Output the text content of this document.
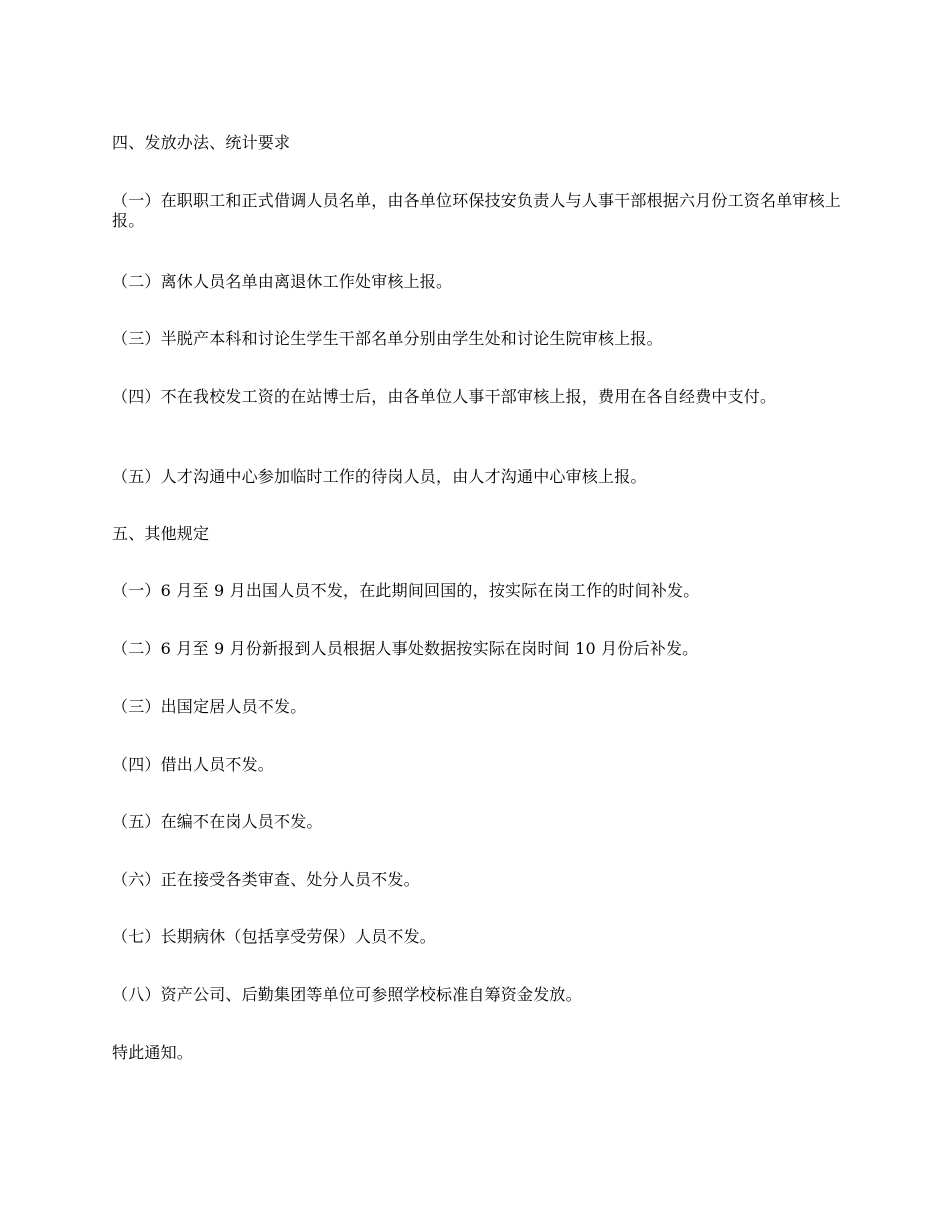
四、发放办法、统计要求

（一）在职职工和正式借调人员名单，由各单位环保技安负责人与人事干部根据六月份工资名单审核上报。

（二）离休人员名单由离退休工作处审核上报。

（三）半脱产本科和讨论生学生干部名单分别由学生处和讨论生院审核上报。

（四）不在我校发工资的在站博士后，由各单位人事干部审核上报，费用在各自经费中支付。

（五）人才沟通中心参加临时工作的待岗人员，由人才沟通中心审核上报。

五、其他规定

（一）6 月至 9 月出国人员不发，在此期间回国的，按实际在岗工作的时间补发。

（二）6 月至 9 月份新报到人员根据人事处数据按实际在岗时间 10 月份后补发。

（三）出国定居人员不发。

（四）借出人员不发。

（五）在编不在岗人员不发。

（六）正在接受各类审查、处分人员不发。

（七）长期病休（包括享受劳保）人员不发。

（八）资产公司、后勤集团等单位可参照学校标准自筹资金发放。

特此通知。
